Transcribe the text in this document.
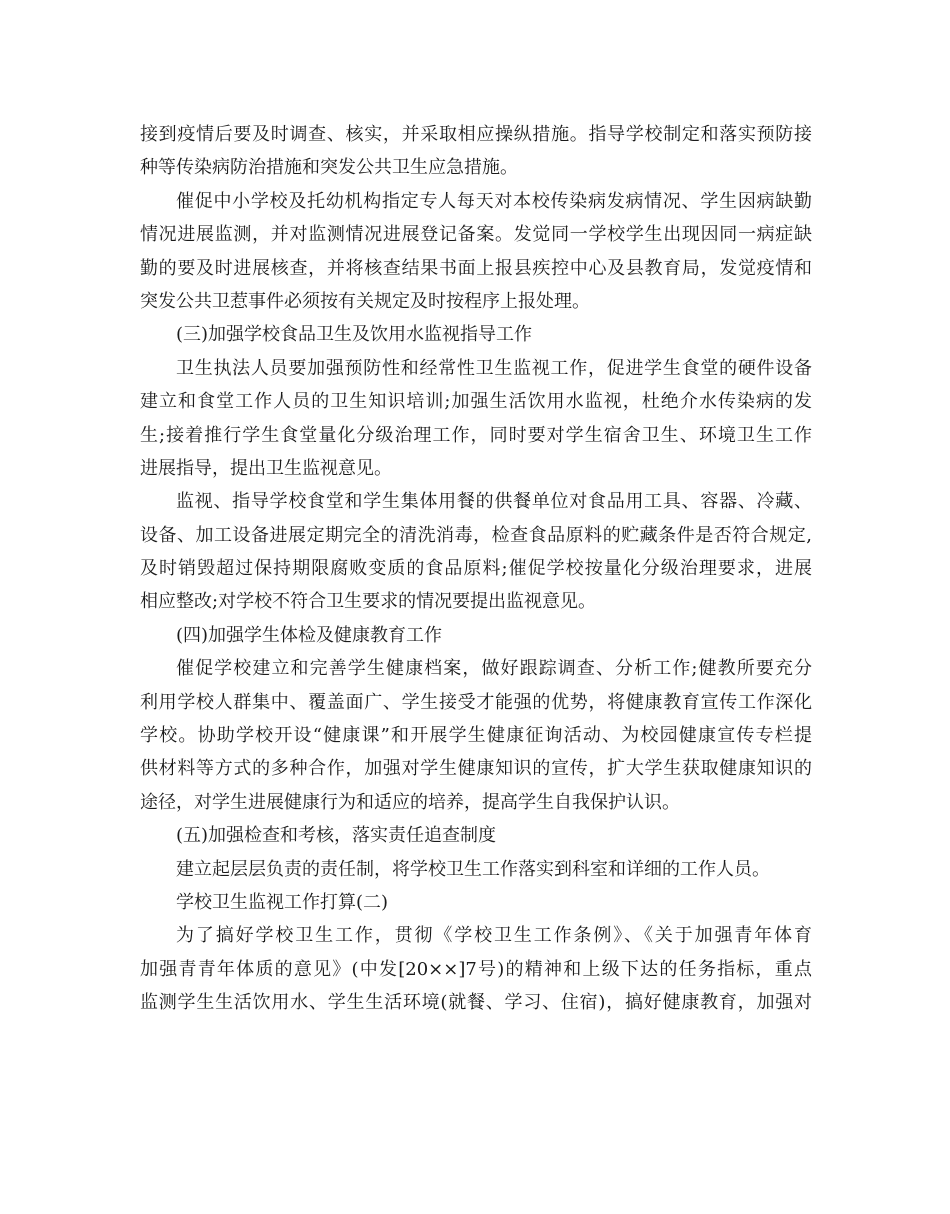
接到疫情后要及时调查、核实，并采取相应操纵措施。指导学校制定和落实预防接
种等传染病防治措施和突发公共卫生应急措施。
催促中小学校及托幼机构指定专人每天对本校传染病发病情况、学生因病缺勤
情况进展监测，并对监测情况进展登记备案。发觉同一学校学生出现因同一病症缺
勤的要及时进展核查，并将核查结果书面上报县疾控中心及县教育局，发觉疫情和
突发公共卫惹事件必须按有关规定及时按程序上报处理。
(三)加强学校食品卫生及饮用水监视指导工作
卫生执法人员要加强预防性和经常性卫生监视工作，促进学生食堂的硬件设备
建立和食堂工作人员的卫生知识培训;加强生活饮用水监视，杜绝介水传染病的发
生;接着推行学生食堂量化分级治理工作，同时要对学生宿舍卫生、环境卫生工作
进展指导，提出卫生监视意见。
监视、指导学校食堂和学生集体用餐的供餐单位对食品用工具、容器、冷藏、
设备、加工设备进展定期完全的清洗消毒，检查食品原料的贮藏条件是否符合规定,
及时销毁超过保持期限腐败变质的食品原料;催促学校按量化分级治理要求，进展
相应整改;对学校不符合卫生要求的情况要提出监视意见。
(四)加强学生体检及健康教育工作
催促学校建立和完善学生健康档案，做好跟踪调查、分析工作;健教所要充分
利用学校人群集中、覆盖面广、学生接受才能强的优势，将健康教育宣传工作深化
学校。协助学校开设“健康课”和开展学生健康征询活动、为校园健康宣传专栏提
供材料等方式的多种合作，加强对学生健康知识的宣传，扩大学生获取健康知识的
途径，对学生进展健康行为和适应的培养，提高学生自我保护认识。
(五)加强检查和考核，落实责任追查制度
建立起层层负责的责任制，将学校卫生工作落实到科室和详细的工作人员。
学校卫生监视工作打算(二)
为了搞好学校卫生工作，贯彻《学校卫生工作条例》、《关于加强青年体育
加强青青年体质的意见》(中发[20××]7号)的精神和上级下达的任务指标，重点
监测学生生活饮用水、学生生活环境(就餐、学习、住宿)，搞好健康教育，加强对
